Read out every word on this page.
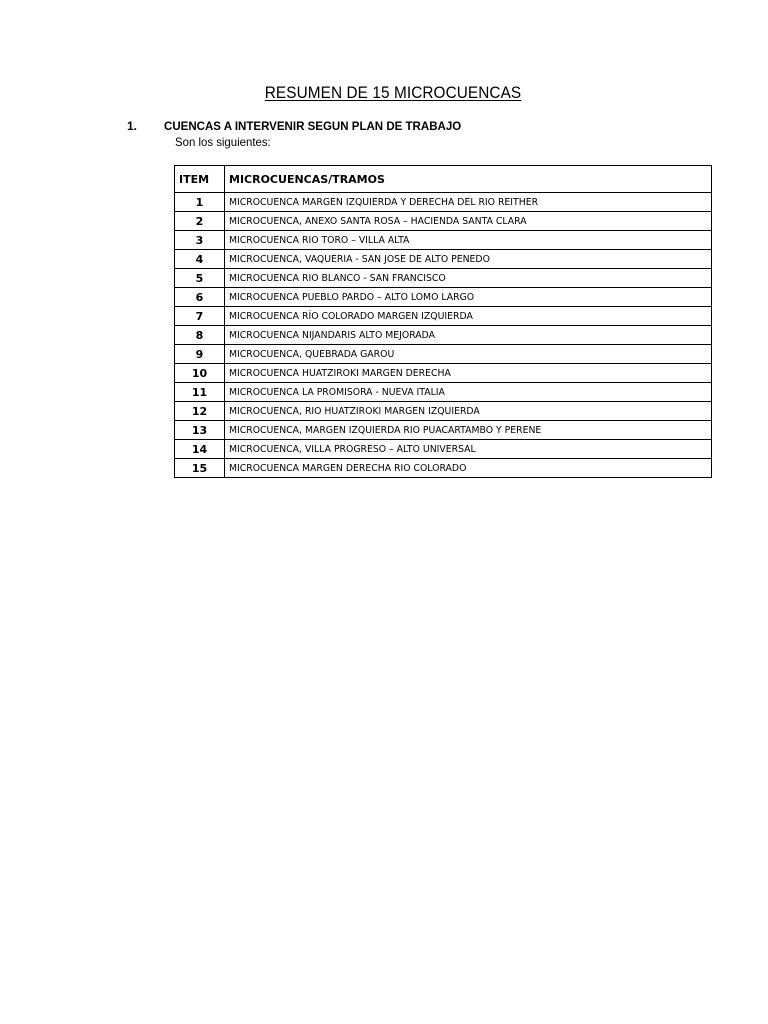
RESUMEN DE 15 MICROCUENCAS
1. CUENCAS A INTERVENIR SEGUN PLAN DE TRABAJO
Son los siguientes:
ITEM	MICROCUENCAS/TRAMOS
1	MICROCUENCA MARGEN IZQUIERDA Y DERECHA DEL RIO REITHER
2	MICROCUENCA, ANEXO SANTA ROSA – HACIENDA SANTA CLARA
3	MICROCUENCA RIO TORO – VILLA ALTA
4	MICROCUENCA, VAQUERIA - SAN JOSE DE ALTO PENEDO
5	MICROCUENCA RIO BLANCO - SAN FRANCISCO
6	MICROCUENCA PUEBLO PARDO – ALTO LOMO LARGO
7	MICROCUENCA RÍO COLORADO MARGEN IZQUIERDA
8	MICROCUENCA NIJANDARIS ALTO MEJORADA
9	MICROCUENCA, QUEBRADA GAROU
10	MICROCUENCA HUATZIROKI MARGEN DERECHA
11	MICROCUENCA LA PROMISORA - NUEVA ITALIA
12	MICROCUENCA, RIO HUATZIROKI MARGEN IZQUIERDA
13	MICROCUENCA, MARGEN IZQUIERDA RIO PUACARTAMBO Y PERENE
14	MICROCUENCA, VILLA PROGRESO – ALTO UNIVERSAL
15	MICROCUENCA MARGEN DERECHA RIO COLORADO
